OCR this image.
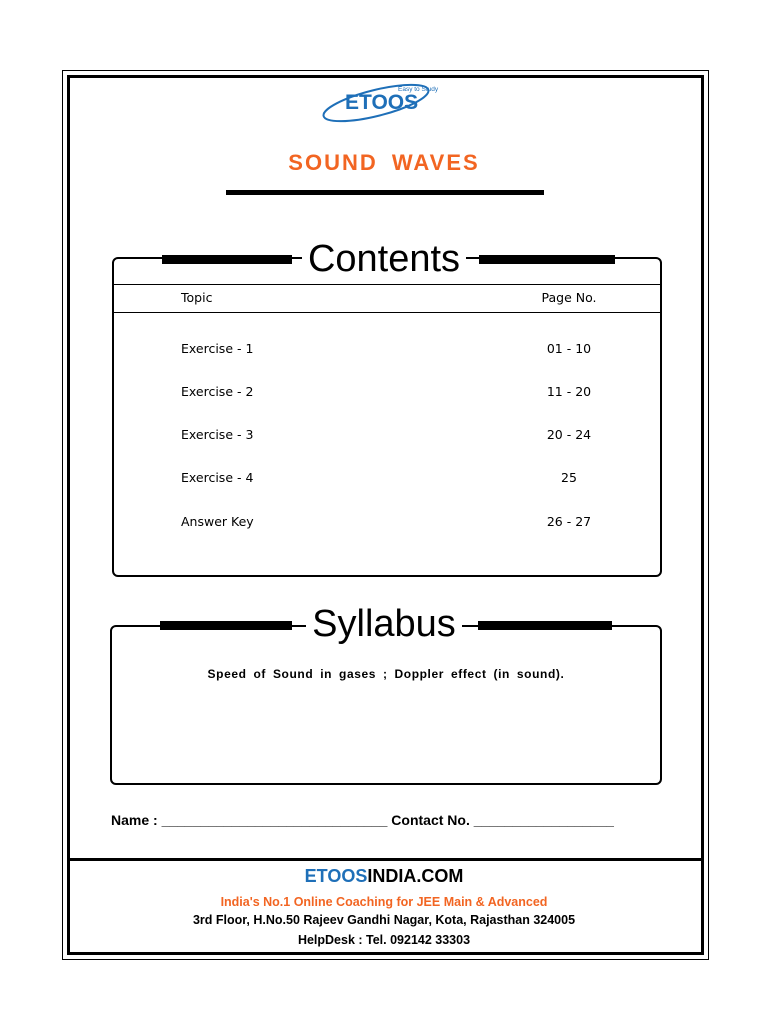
ETOOS
Easy to Study
SOUND WAVES
Contents
Topic	Page No.
Exercise - 1	01 - 10
Exercise - 2	11 - 20
Exercise - 3	20 - 24
Exercise - 4	25
Answer Key	26 - 27
Syllabus
Speed of Sound in gases ; Doppler effect (in sound).
Name : _____________________________ Contact No. __________________
ETOOSINDIA.COM
India's No.1 Online Coaching for JEE Main & Advanced
3rd Floor, H.No.50 Rajeev Gandhi Nagar, Kota, Rajasthan 324005
HelpDesk : Tel. 092142 33303
